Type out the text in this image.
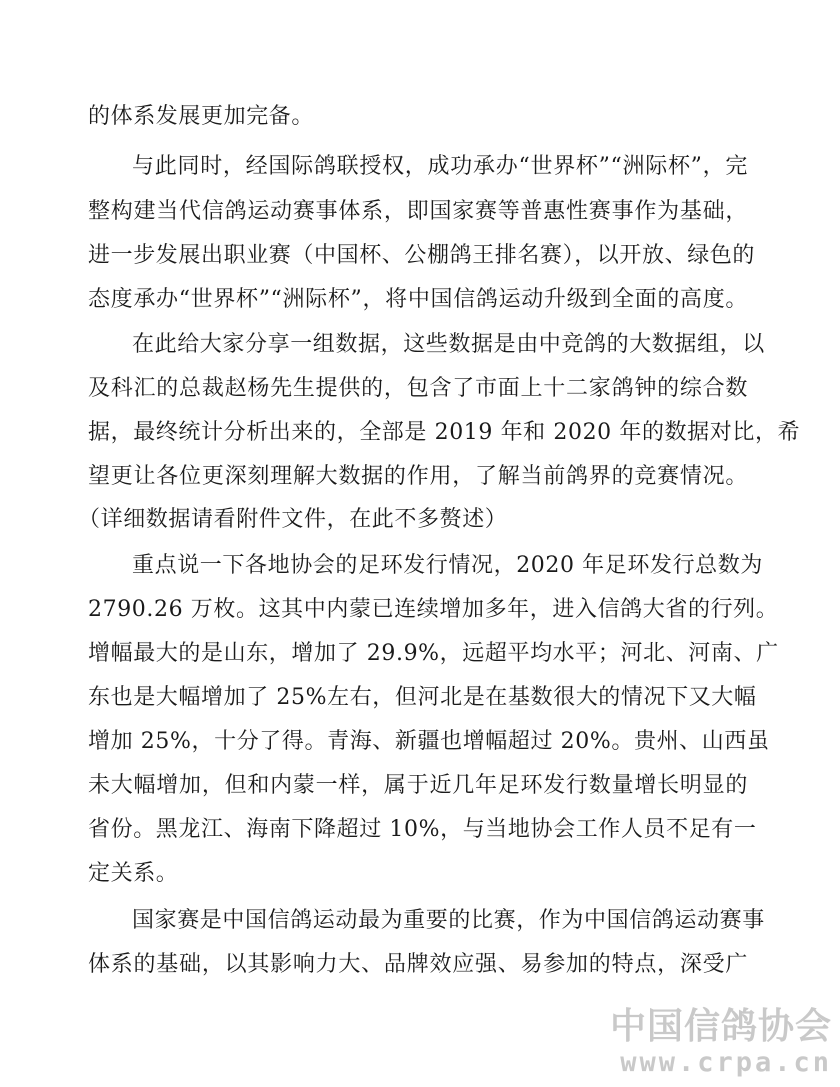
的体系发展更加完备。
与此同时，经国际鸽联授权，成功承办“世界杯”“洲际杯”，完
整构建当代信鸽运动赛事体系，即国家赛等普惠性赛事作为基础，
进一步发展出职业赛（中国杯、公棚鸽王排名赛），以开放、绿色的
态度承办“世界杯”“洲际杯”，将中国信鸽运动升级到全面的高度。
在此给大家分享一组数据，这些数据是由中竞鸽的大数据组，以
及科汇的总裁赵杨先生提供的，包含了市面上十二家鸽钟的综合数
据，最终统计分析出来的，全部是 2019 年和 2020 年的数据对比，希
望更让各位更深刻理解大数据的作用，了解当前鸽界的竞赛情况。
（详细数据请看附件文件，在此不多赘述）
重点说一下各地协会的足环发行情况，2020 年足环发行总数为
2790.26 万枚。这其中内蒙已连续增加多年，进入信鸽大省的行列。
增幅最大的是山东，增加了 29.9%，远超平均水平；河北、河南、广
东也是大幅增加了 25%左右，但河北是在基数很大的情况下又大幅
增加 25%，十分了得。青海、新疆也增幅超过 20%。贵州、山西虽
未大幅增加，但和内蒙一样，属于近几年足环发行数量增长明显的
省份。黑龙江、海南下降超过 10%，与当地协会工作人员不足有一
定关系。
国家赛是中国信鸽运动最为重要的比赛，作为中国信鸽运动赛事
体系的基础，以其影响力大、品牌效应强、易参加的特点，深受广
中国信鸽协会
www.crpa.cn
